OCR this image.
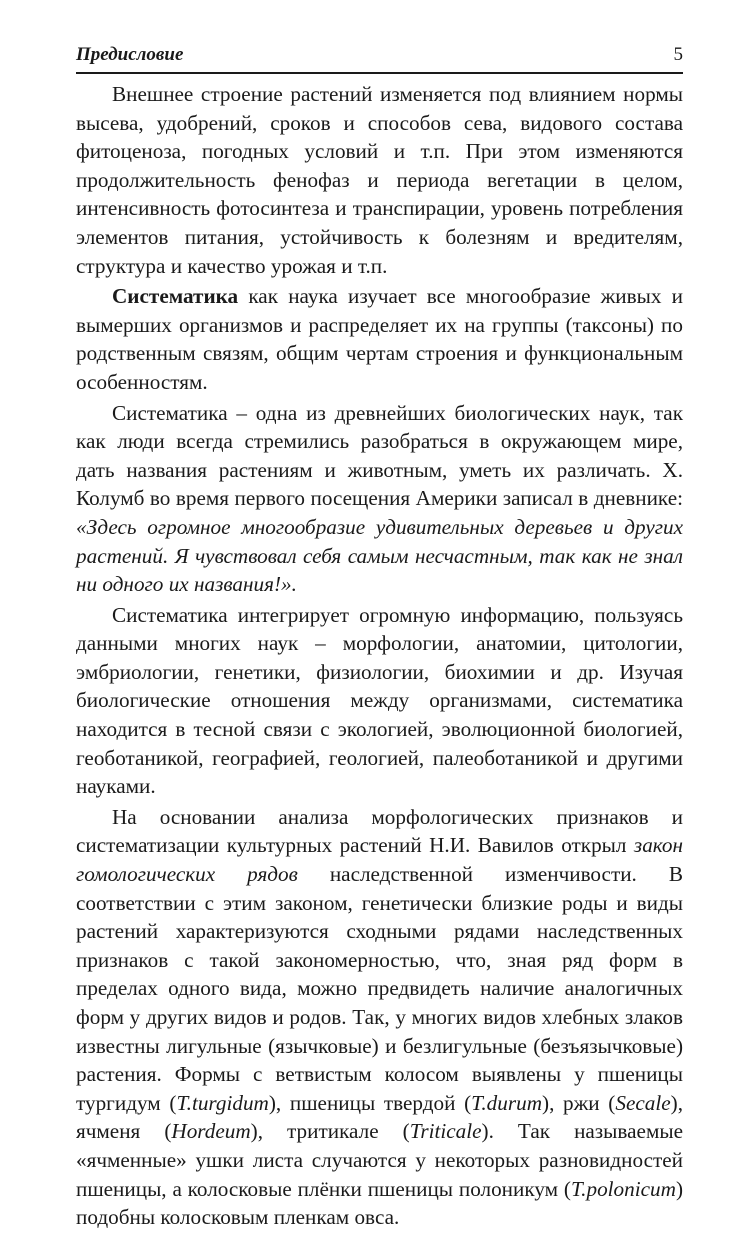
Предисловие	5

Внешнее строение растений изменяется под влиянием нормы высева, удобрений, сроков и способов сева, видового состава фитоценоза, погодных условий и т.п. При этом изменяются продолжительность фенофаз и периода вегетации в целом, интенсивность фотосинтеза и транспирации, уровень потребления элементов питания, устойчивость к болезням и вредителям, структура и качество урожая и т.п.

Систематика как наука изучает все многообразие живых и вымерших организмов и распределяет их на группы (таксоны) по родственным связям, общим чертам строения и функциональным особенностям.

Систематика – одна из древнейших биологических наук, так как люди всегда стремились разобраться в окружающем мире, дать названия растениям и животным, уметь их различать. Х. Колумб во время первого посещения Америки записал в дневнике: «Здесь огромное многообразие удивительных деревьев и других растений. Я чувствовал себя самым несчастным, так как не знал ни одного их названия!».

Систематика интегрирует огромную информацию, пользуясь данными многих наук – морфологии, анатомии, цитологии, эмбриологии, генетики, физиологии, биохимии и др. Изучая биологические отношения между организмами, систематика находится в тесной связи с экологией, эволюционной биологией, геоботаникой, географией, геологией, палеоботаникой и другими науками.

На основании анализа морфологических признаков и систематизации культурных растений Н.И. Вавилов открыл закон гомологических рядов наследственной изменчивости. В соответствии с этим законом, генетически близкие роды и виды растений характеризуются сходными рядами наследственных признаков с такой закономерностью, что, зная ряд форм в пределах одного вида, можно предвидеть наличие аналогичных форм у других видов и родов. Так, у многих видов хлебных злаков известны лигульные (язычковые) и безлигульные (безъязычковые) растения. Формы с ветвистым колосом выявлены у пшеницы тургидум (T.turgidum), пшеницы твердой (T.durum), ржи (Secale), ячменя (Hordeum), тритикале (Triticale). Так называемые «ячменные» ушки листа случаются у некоторых разновидностей пшеницы, а колосковые плёнки пшеницы полоникум (T.polonicum) подобны колосковым пленкам овса.
